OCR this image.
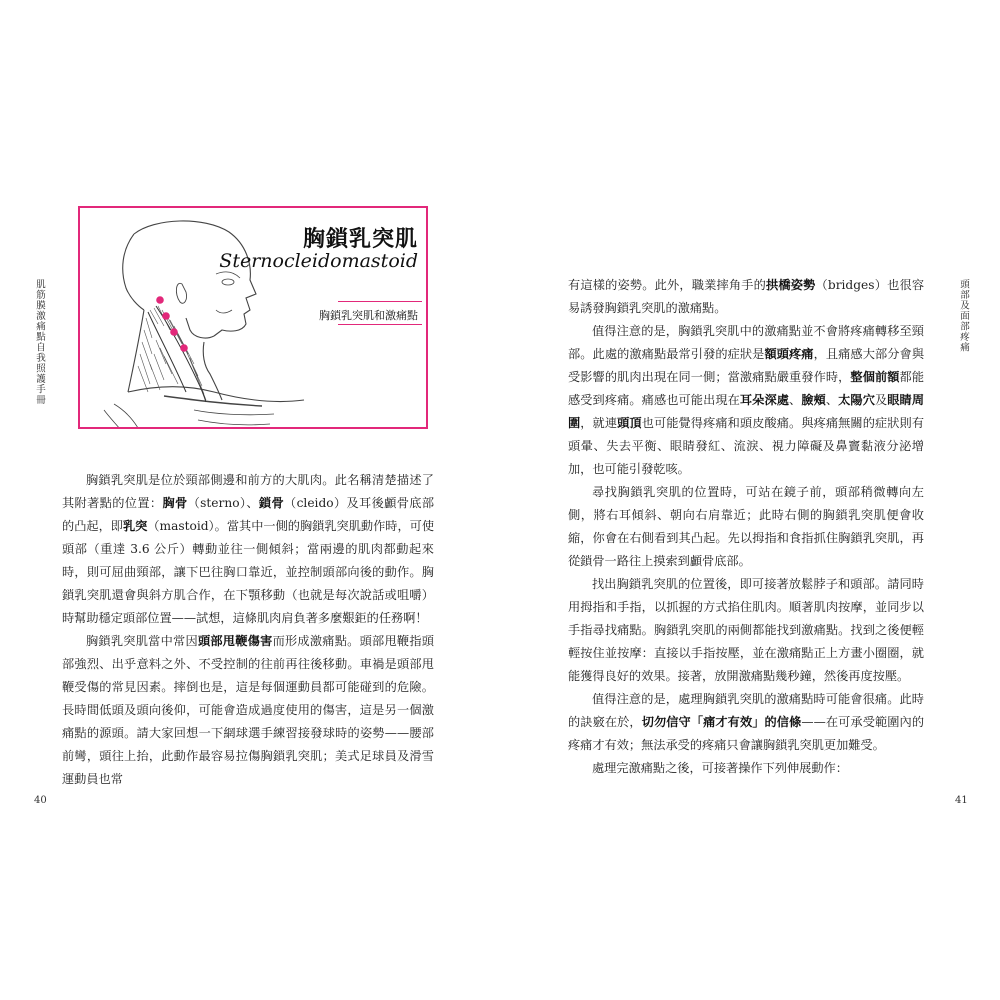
肌筋膜激痛點自我照護手冊
40
胸鎖乳突肌
Sternocleidomastoid
胸鎖乳突肌和激痛點

胸鎖乳突肌是位於頸部側邊和前方的大肌肉。此名稱清楚描述了其附著點的位置：胸骨（sterno）、鎖骨（cleido）及耳後顱骨底部的凸起，即乳突（mastoid）。當其中一側的胸鎖乳突肌動作時，可使頭部（重達 3.6 公斤）轉動並往一側傾斜；當兩邊的肌肉都動起來時，則可屈曲頸部，讓下巴往胸口靠近，並控制頭部向後的動作。胸鎖乳突肌還會與斜方肌合作，在下顎移動（也就是每次說話或咀嚼）時幫助穩定頭部位置——試想，這條肌肉肩負著多麼艱鉅的任務啊！

胸鎖乳突肌當中常因頭部甩鞭傷害而形成激痛點。頭部甩鞭指頭部強烈、出乎意料之外、不受控制的往前再往後移動。車禍是頭部甩鞭受傷的常見因素。摔倒也是，這是每個運動員都可能碰到的危險。長時間低頭及頭向後仰，可能會造成過度使用的傷害，這是另一個激痛點的源頭。請大家回想一下網球選手練習接發球時的姿勢——腰部前彎，頭往上抬，此動作最容易拉傷胸鎖乳突肌；美式足球員及滑雪運動員也常

頭部及面部疼痛
41

有這樣的姿勢。此外，職業摔角手的拱橋姿勢（bridges）也很容易誘發胸鎖乳突肌的激痛點。

值得注意的是，胸鎖乳突肌中的激痛點並不會將疼痛轉移至頸部。此處的激痛點最常引發的症狀是額頭疼痛，且痛感大部分會與受影響的肌肉出現在同一側；當激痛點嚴重發作時，整個前額都能感受到疼痛。痛感也可能出現在耳朵深處、臉頰、太陽穴及眼睛周圍，就連頭頂也可能覺得疼痛和頭皮酸痛。與疼痛無關的症狀則有頭暈、失去平衡、眼睛發紅、流淚、視力障礙及鼻竇黏液分泌增加，也可能引發乾咳。

尋找胸鎖乳突肌的位置時，可站在鏡子前，頭部稍微轉向左側，將右耳傾斜、朝向右肩靠近；此時右側的胸鎖乳突肌便會收縮，你會在右側看到其凸起。先以拇指和食指抓住胸鎖乳突肌，再從鎖骨一路往上摸索到顱骨底部。

找出胸鎖乳突肌的位置後，即可接著放鬆脖子和頭部。請同時用拇指和手指，以抓握的方式掐住肌肉。順著肌肉按摩，並同步以手指尋找痛點。胸鎖乳突肌的兩側都能找到激痛點。找到之後便輕輕按住並按摩：直接以手指按壓，並在激痛點正上方畫小圈圈，就能獲得良好的效果。接著，放開激痛點幾秒鐘，然後再度按壓。

值得注意的是，處理胸鎖乳突肌的激痛點時可能會很痛。此時的訣竅在於，切勿信守「痛才有效」的信條——在可承受範圍內的疼痛才有效；無法承受的疼痛只會讓胸鎖乳突肌更加難受。

處理完激痛點之後，可接著操作下列伸展動作：
